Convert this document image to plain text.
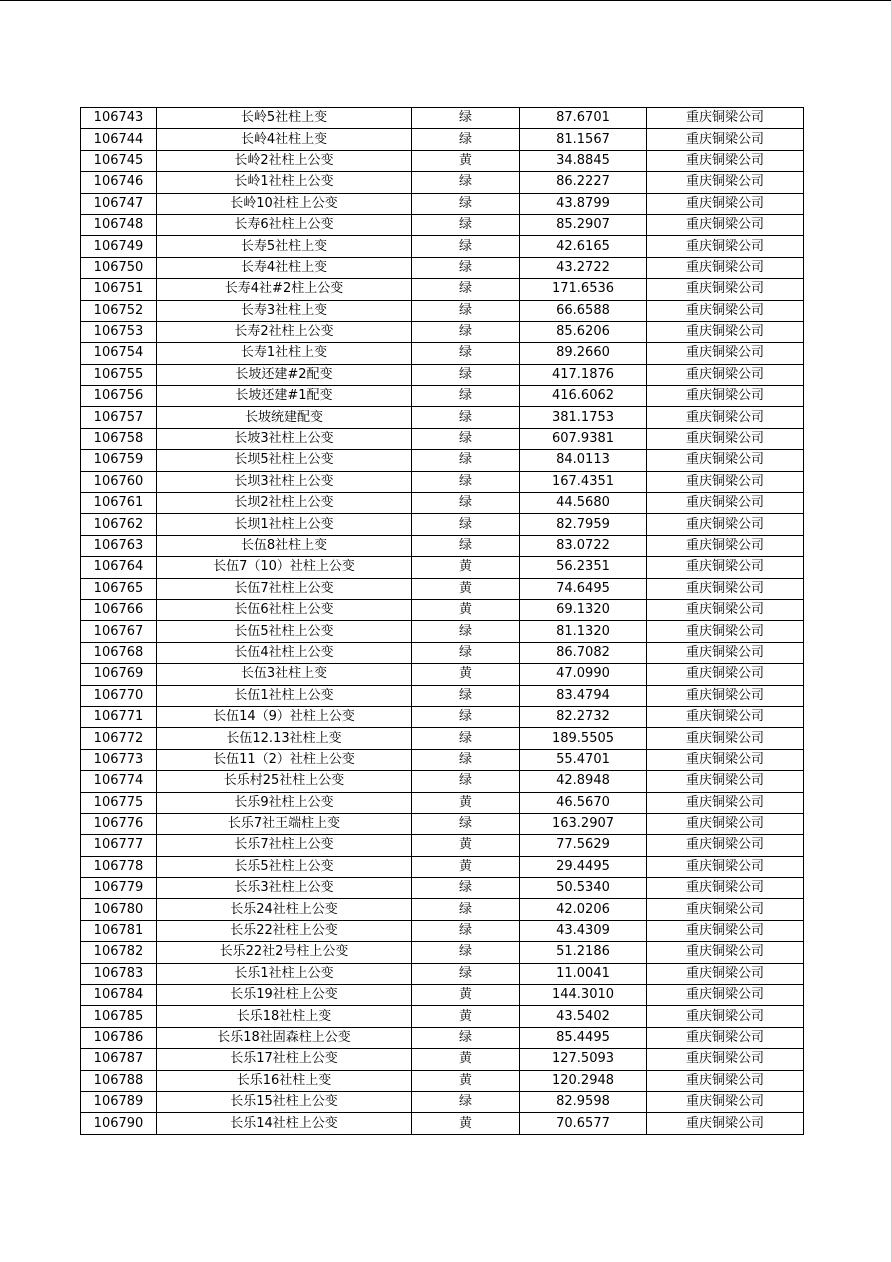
106743	长岭5社柱上变	绿	87.6701	重庆铜梁公司
106744	长岭4社柱上变	绿	81.1567	重庆铜梁公司
106745	长岭2社柱上公变	黄	34.8845	重庆铜梁公司
106746	长岭1社柱上公变	绿	86.2227	重庆铜梁公司
106747	长岭10社柱上公变	绿	43.8799	重庆铜梁公司
106748	长寿6社柱上公变	绿	85.2907	重庆铜梁公司
106749	长寿5社柱上变	绿	42.6165	重庆铜梁公司
106750	长寿4社柱上变	绿	43.2722	重庆铜梁公司
106751	长寿4社#2柱上公变	绿	171.6536	重庆铜梁公司
106752	长寿3社柱上变	绿	66.6588	重庆铜梁公司
106753	长寿2社柱上公变	绿	85.6206	重庆铜梁公司
106754	长寿1社柱上变	绿	89.2660	重庆铜梁公司
106755	长坡还建#2配变	绿	417.1876	重庆铜梁公司
106756	长坡还建#1配变	绿	416.6062	重庆铜梁公司
106757	长坡统建配变	绿	381.1753	重庆铜梁公司
106758	长坡3社柱上公变	绿	607.9381	重庆铜梁公司
106759	长坝5社柱上公变	绿	84.0113	重庆铜梁公司
106760	长坝3社柱上公变	绿	167.4351	重庆铜梁公司
106761	长坝2社柱上公变	绿	44.5680	重庆铜梁公司
106762	长坝1社柱上公变	绿	82.7959	重庆铜梁公司
106763	长伍8社柱上变	绿	83.0722	重庆铜梁公司
106764	长伍7（10）社柱上公变	黄	56.2351	重庆铜梁公司
106765	长伍7社柱上公变	黄	74.6495	重庆铜梁公司
106766	长伍6社柱上公变	黄	69.1320	重庆铜梁公司
106767	长伍5社柱上公变	绿	81.1320	重庆铜梁公司
106768	长伍4社柱上公变	绿	86.7082	重庆铜梁公司
106769	长伍3社柱上变	黄	47.0990	重庆铜梁公司
106770	长伍1社柱上公变	绿	83.4794	重庆铜梁公司
106771	长伍14（9）社柱上公变	绿	82.2732	重庆铜梁公司
106772	长伍12.13社柱上变	绿	189.5505	重庆铜梁公司
106773	长伍11（2）社柱上公变	绿	55.4701	重庆铜梁公司
106774	长乐村25社柱上公变	绿	42.8948	重庆铜梁公司
106775	长乐9社柱上公变	黄	46.5670	重庆铜梁公司
106776	长乐7社王端柱上变	绿	163.2907	重庆铜梁公司
106777	长乐7社柱上公变	黄	77.5629	重庆铜梁公司
106778	长乐5社柱上公变	黄	29.4495	重庆铜梁公司
106779	长乐3社柱上公变	绿	50.5340	重庆铜梁公司
106780	长乐24社柱上公变	绿	42.0206	重庆铜梁公司
106781	长乐22社柱上公变	绿	43.4309	重庆铜梁公司
106782	长乐22社2号柱上公变	绿	51.2186	重庆铜梁公司
106783	长乐1社柱上公变	绿	11.0041	重庆铜梁公司
106784	长乐19社柱上公变	黄	144.3010	重庆铜梁公司
106785	长乐18社柱上变	黄	43.5402	重庆铜梁公司
106786	长乐18社固森柱上公变	绿	85.4495	重庆铜梁公司
106787	长乐17社柱上公变	黄	127.5093	重庆铜梁公司
106788	长乐16社柱上变	黄	120.2948	重庆铜梁公司
106789	长乐15社柱上公变	绿	82.9598	重庆铜梁公司
106790	长乐14社柱上公变	黄	70.6577	重庆铜梁公司
